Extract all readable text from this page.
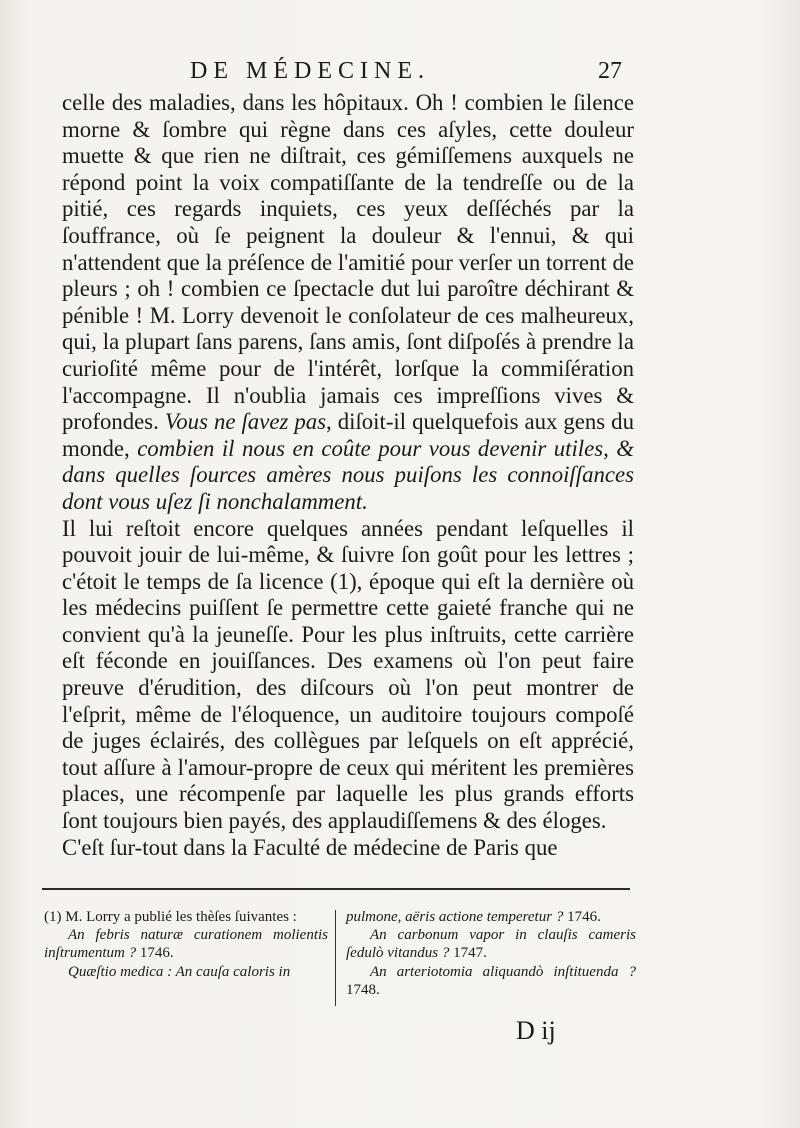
DE MÉDECINE.	27

celle des maladies, dans les hôpitaux. Oh ! combien le ſilence morne & ſombre qui règne dans ces aſyles, cette douleur muette & que rien ne diſtrait, ces gémiſſemens auxquels ne répond point la voix compatiſſante de la tendreſſe ou de la pitié, ces regards inquiets, ces yeux deſſéchés par la ſouffrance, où ſe peignent la douleur & l'ennui, & qui n'attendent que la préſence de l'amitié pour verſer un torrent de pleurs ; oh ! combien ce ſpectacle dut lui paroître déchirant & pénible ! M. Lorry devenoit le conſolateur de ces malheureux, qui, la plupart ſans parens, ſans amis, ſont diſpoſés à prendre la curioſité même pour de l'intérêt, lorſque la commiſération l'accompagne. Il n'oublia jamais ces impreſſions vives & profondes. Vous ne ſavez pas, diſoit-il quelquefois aux gens du monde, combien il nous en coûte pour vous devenir utiles, & dans quelles ſources amères nous puiſons les connoiſſances dont vous uſez ſi nonchalamment.

Il lui reſtoit encore quelques années pendant leſquelles il pouvoit jouir de lui-même, & ſuivre ſon goût pour les lettres ; c'étoit le temps de ſa licence (1), époque qui eſt la dernière où les médecins puiſſent ſe permettre cette gaieté franche qui ne convient qu'à la jeuneſſe. Pour les plus inſtruits, cette carrière eſt féconde en jouiſſances. Des examens où l'on peut faire preuve d'érudition, des diſcours où l'on peut montrer de l'eſprit, même de l'éloquence, un auditoire toujours compoſé de juges éclairés, des collègues par leſquels on eſt apprécié, tout aſſure à l'amour-propre de ceux qui méritent les premières places, une récompenſe par laquelle les plus grands efforts ſont toujours bien payés, des applaudiſſemens & des éloges.

C'eſt ſur-tout dans la Faculté de médecine de Paris que

(1) M. Lorry a publié les thèſes ſuivantes :

An febris naturæ curationem molientis inſtrumentum ? 1746.

Quæſtio medica : An cauſa caloris in

pulmone, aëris actione temperetur ? 1746.

An carbonum vapor in clauſis cameris ſedulò vitandus ? 1747.

An arteriotomia aliquandò inſtituenda ? 1748.

D ij
